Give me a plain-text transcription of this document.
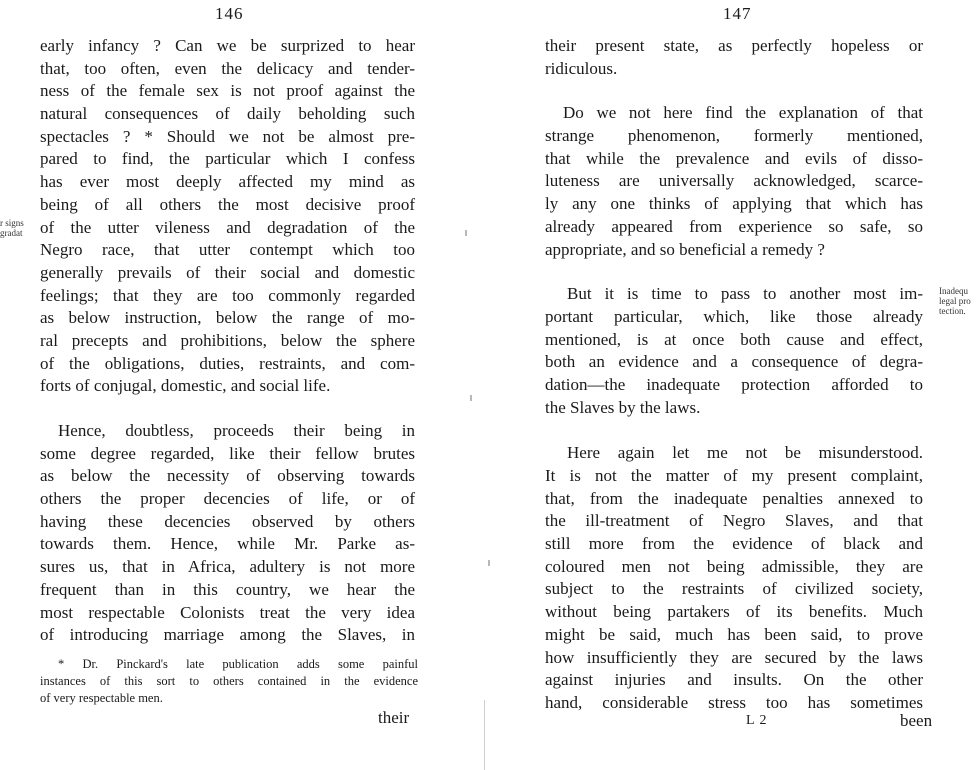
146
r signs
gradat
early infancy ? Can we be surprized to hear
that, too often, even the delicacy and tender-
ness of the female sex is not proof against the
natural consequences of daily beholding such
spectacles ? * Should we not be almost pre-
pared to find, the particular which I confess
has ever most deeply affected my mind as
being of all others the most decisive proof
of the utter vileness and degradation of the
Negro race, that utter contempt which too
generally prevails of their social and domestic
feelings; that they are too commonly regarded
as below instruction, below the range of mo-
ral precepts and prohibitions, below the sphere
of the obligations, duties, restraints, and com-
forts of conjugal, domestic, and social life.
Hence, doubtless, proceeds their being in
some degree regarded, like their fellow brutes
as below the necessity of observing towards
others the proper decencies of life, or of
having these decencies observed by others
towards them. Hence, while Mr. Parke as-
sures us, that in Africa, adultery is not more
frequent than in this country, we hear the
most respectable Colonists treat the very idea
of introducing marriage among the Slaves, in
* Dr. Pinckard's late publication adds some painful
instances of this sort to others contained in the evidence
of very respectable men.
their
147
Inadequ
legal pro
tection.
their present state, as perfectly hopeless or
ridiculous.
Do we not here find the explanation of that
strange phenomenon, formerly mentioned,
that while the prevalence and evils of disso-
luteness are universally acknowledged, scarce-
ly any one thinks of applying that which has
already appeared from experience so safe, so
appropriate, and so beneficial a remedy ?
But it is time to pass to another most im-
portant particular, which, like those already
mentioned, is at once both cause and effect,
both an evidence and a consequence of degra-
dation—the inadequate protection afforded to
the Slaves by the laws.
Here again let me not be misunderstood.
It is not the matter of my present complaint,
that, from the inadequate penalties annexed to
the ill-treatment of Negro Slaves, and that
still more from the evidence of black and
coloured men not being admissible, they are
subject to the restraints of civilized society,
without being partakers of its benefits. Much
might be said, much has been said, to prove
how insufficiently they are secured by the laws
against injuries and insults. On the other
hand, considerable stress too has sometimes
L 2	been
